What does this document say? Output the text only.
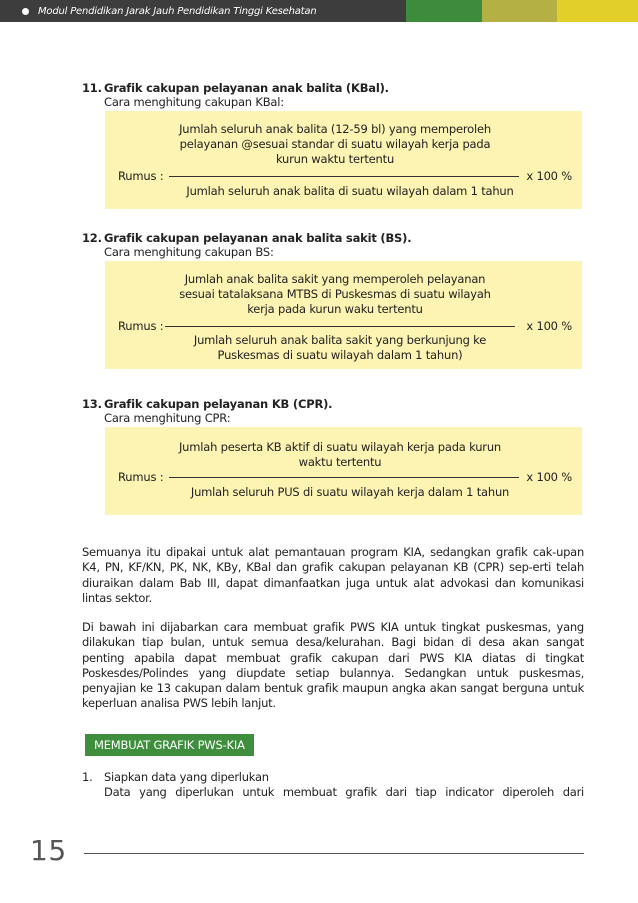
Modul Pendidikan Jarak Jauh Pendidikan Tinggi Kesehatan
11. Grafik cakupan pelayanan anak balita (KBal).
Cara menghitung cakupan KBal:
Jumlah seluruh anak balita (12-59 bl) yang memperoleh
pelayanan @sesuai standar di suatu wilayah kerja pada
kurun waktu tertentu
Rumus :	x 100 %
Jumlah seluruh anak balita di suatu wilayah dalam 1 tahun
12. Grafik cakupan pelayanan anak balita sakit (BS).
Cara menghitung cakupan BS:
Jumlah anak balita sakit yang memperoleh pelayanan
sesuai tatalaksana MTBS di Puskesmas di suatu wilayah
kerja pada kurun waku tertentu
Rumus :	x 100 %
Jumlah seluruh anak balita sakit yang berkunjung ke
Puskesmas di suatu wilayah dalam 1 tahun)
13. Grafik cakupan pelayanan KB (CPR).
Cara menghitung CPR:
Jumlah peserta KB aktif di suatu wilayah kerja pada kurun
waktu tertentu
Rumus :	x 100 %
Jumlah seluruh PUS di suatu wilayah kerja dalam 1 tahun
Semuanya itu dipakai untuk alat pemantauan program KIA, sedangkan grafik cak-upan K4, PN, KF/KN, PK, NK, KBy, KBal dan grafik cakupan pelayanan KB (CPR) sep-erti telah diuraikan dalam Bab III, dapat dimanfaatkan juga untuk alat advokasi dan komunikasi lintas sektor.
Di bawah ini dijabarkan cara membuat grafik PWS KIA untuk tingkat puskesmas, yang dilakukan tiap bulan, untuk semua desa/kelurahan. Bagi bidan di desa akan sangat penting apabila dapat membuat grafik cakupan dari PWS KIA diatas di tingkat Poskesdes/Polindes yang diupdate setiap bulannya. Sedangkan untuk puskesmas, penyajian ke 13 cakupan dalam bentuk grafik maupun angka akan sangat berguna untuk keperluan analisa PWS lebih lanjut.
MEMBUAT GRAFIK PWS-KIA
1.	Siapkan data yang diperlukan
Data yang diperlukan untuk membuat grafik dari tiap indicator diperoleh dari
15
